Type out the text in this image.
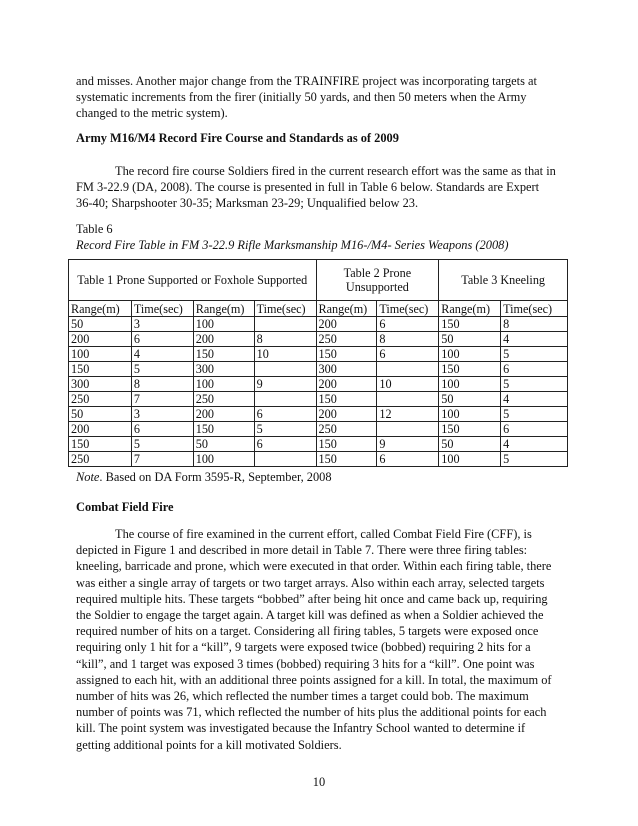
and misses. Another major change from the TRAINFIRE project was incorporating targets at
systematic increments from the firer (initially 50 yards, and then 50 meters when the Army
changed to the metric system).
Army M16/M4 Record Fire Course and Standards as of 2009
The record fire course Soldiers fired in the current research effort was the same as that in
FM 3-22.9 (DA, 2008). The course is presented in full in Table 6 below. Standards are Expert
36-40; Sharpshooter 30-35; Marksman 23-29; Unqualified below 23.
Table 6
Record Fire Table in FM 3-22.9 Rifle Marksmanship M16-/M4- Series Weapons (2008)
Table 1 Prone Supported or Foxhole Supported				Table 2 Prone Unsupported		Table 3 Kneeling	
Range(m)	Time(sec)	Range(m)	Time(sec)	Range(m)	Time(sec)	Range(m)	Time(sec)
50	3	100		200	6	150	8
200	6	200	8	250	8	50	4
100	4	150	10	150	6	100	5
150	5	300		300		150	6
300	8	100	9	200	10	100	5
250	7	250		150		50	4
50	3	200	6	200	12	100	5
200	6	150	5	250		150	6
150	5	50	6	150	9	50	4
250	7	100		150	6	100	5
Note. Based on DA Form 3595-R, September, 2008
Combat Field Fire
The course of fire examined in the current effort, called Combat Field Fire (CFF), is
depicted in Figure 1 and described in more detail in Table 7. There were three firing tables:
kneeling, barricade and prone, which were executed in that order. Within each firing table, there
was either a single array of targets or two target arrays. Also within each array, selected targets
required multiple hits. These targets “bobbed” after being hit once and came back up, requiring
the Soldier to engage the target again. A target kill was defined as when a Soldier achieved the
required number of hits on a target. Considering all firing tables, 5 targets were exposed once
requiring only 1 hit for a “kill”, 9 targets were exposed twice (bobbed) requiring 2 hits for a
“kill”, and 1 target was exposed 3 times (bobbed) requiring 3 hits for a “kill”. One point was
assigned to each hit, with an additional three points assigned for a kill. In total, the maximum of
number of hits was 26, which reflected the number times a target could bob. The maximum
number of points was 71, which reflected the number of hits plus the additional points for each
kill. The point system was investigated because the Infantry School wanted to determine if
getting additional points for a kill motivated Soldiers.
10
